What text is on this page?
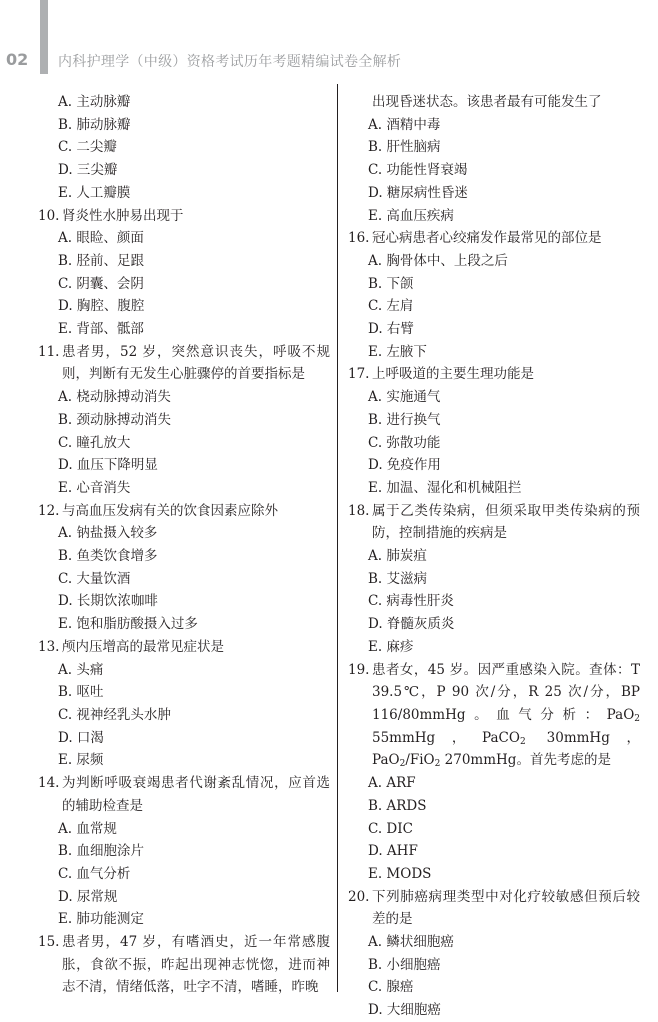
02 内科护理学（中级）资格考试历年考题精编试卷全解析
A. 主动脉瓣
B. 肺动脉瓣
C. 二尖瓣
D. 三尖瓣
E. 人工瓣膜
10. 肾炎性水肿易出现于
A. 眼睑、颜面
B. 胫前、足跟
C. 阴囊、会阴
D. 胸腔、腹腔
E. 背部、骶部
11. 患者男，52 岁，突然意识丧失，呼吸不规则，判断有无发生心脏骤停的首要指标是
A. 桡动脉搏动消失
B. 颈动脉搏动消失
C. 瞳孔放大
D. 血压下降明显
E. 心音消失
12. 与高血压发病有关的饮食因素应除外
A. 钠盐摄入较多
B. 鱼类饮食增多
C. 大量饮酒
D. 长期饮浓咖啡
E. 饱和脂肪酸摄入过多
13. 颅内压增高的最常见症状是
A. 头痛
B. 呕吐
C. 视神经乳头水肿
D. 口渴
E. 尿频
14. 为判断呼吸衰竭患者代谢紊乱情况，应首选的辅助检查是
A. 血常规
B. 血细胞涂片
C. 血气分析
D. 尿常规
E. 肺功能测定
15. 患者男，47 岁，有嗜酒史，近一年常感腹胀，食欲不振，昨起出现神志恍惚，进而神志不清，情绪低落，吐字不清，嗜睡，昨晚
出现昏迷状态。该患者最有可能发生了
A. 酒精中毒
B. 肝性脑病
C. 功能性肾衰竭
D. 糖尿病性昏迷
E. 高血压疾病
16. 冠心病患者心绞痛发作最常见的部位是
A. 胸骨体中、上段之后
B. 下颌
C. 左肩
D. 右臂
E. 左腋下
17. 上呼吸道的主要生理功能是
A. 实施通气
B. 进行换气
C. 弥散功能
D. 免疫作用
E. 加温、湿化和机械阻拦
18. 属于乙类传染病，但须采取甲类传染病的预防，控制措施的疾病是
A. 肺炭疽
B. 艾滋病
C. 病毒性肝炎
D. 脊髓灰质炎
E. 麻疹
19. 患者女，45 岁。因严重感染入院。查体：T 39.5℃，P 90 次/分，R 25 次/分，BP 116/80mmHg。血气分析：PaO$_2$ 55mmHg，PaCO$_2$ 30mmHg，PaO$_2$/FiO$_2$ 270mmHg。首先考虑的是
A. ARF
B. ARDS
C. DIC
D. AHF
E. MODS
20. 下列肺癌病理类型中对化疗较敏感但预后较差的是
A. 鳞状细胞癌
B. 小细胞癌
C. 腺癌
D. 大细胞癌
